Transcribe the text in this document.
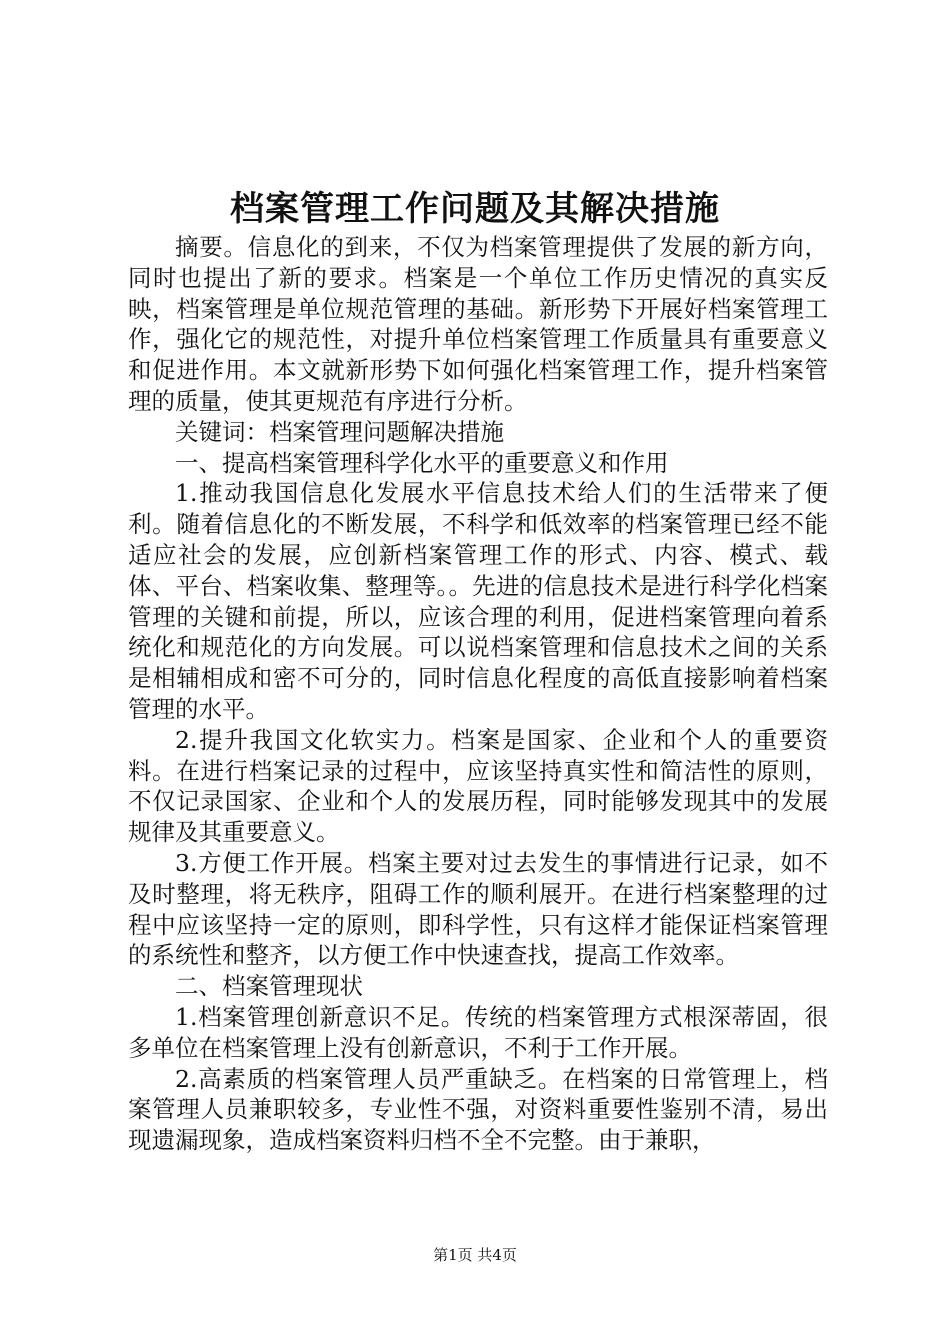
档案管理工作问题及其解决措施

摘要。信息化的到来，不仅为档案管理提供了发展的新方向，同时也提出了新的要求。档案是一个单位工作历史情况的真实反映，档案管理是单位规范管理的基础。新形势下开展好档案管理工作，强化它的规范性，对提升单位档案管理工作质量具有重要意义和促进作用。本文就新形势下如何强化档案管理工作，提升档案管理的质量，使其更规范有序进行分析。

关键词：档案管理问题解决措施

一、提高档案管理科学化水平的重要意义和作用

1.推动我国信息化发展水平信息技术给人们的生活带来了便利。随着信息化的不断发展，不科学和低效率的档案管理已经不能适应社会的发展，应创新档案管理工作的形式、内容、模式、载体、平台、档案收集、整理等。。先进的信息技术是进行科学化档案管理的关键和前提，所以，应该合理的利用，促进档案管理向着系统化和规范化的方向发展。可以说档案管理和信息技术之间的关系是相辅相成和密不可分的，同时信息化程度的高低直接影响着档案管理的水平。

2.提升我国文化软实力。档案是国家、企业和个人的重要资料。在进行档案记录的过程中，应该坚持真实性和简洁性的原则，不仅记录国家、企业和个人的发展历程，同时能够发现其中的发展规律及其重要意义。

3.方便工作开展。档案主要对过去发生的事情进行记录，如不及时整理，将无秩序，阻碍工作的顺利展开。在进行档案整理的过程中应该坚持一定的原则，即科学性，只有这样才能保证档案管理的系统性和整齐，以方便工作中快速查找，提高工作效率。

二、档案管理现状

1.档案管理创新意识不足。传统的档案管理方式根深蒂固，很多单位在档案管理上没有创新意识，不利于工作开展。

2.高素质的档案管理人员严重缺乏。在档案的日常管理上，档案管理人员兼职较多，专业性不强，对资料重要性鉴别不清，易出现遗漏现象，造成档案资料归档不全不完整。由于兼职，

第1页 共4页
